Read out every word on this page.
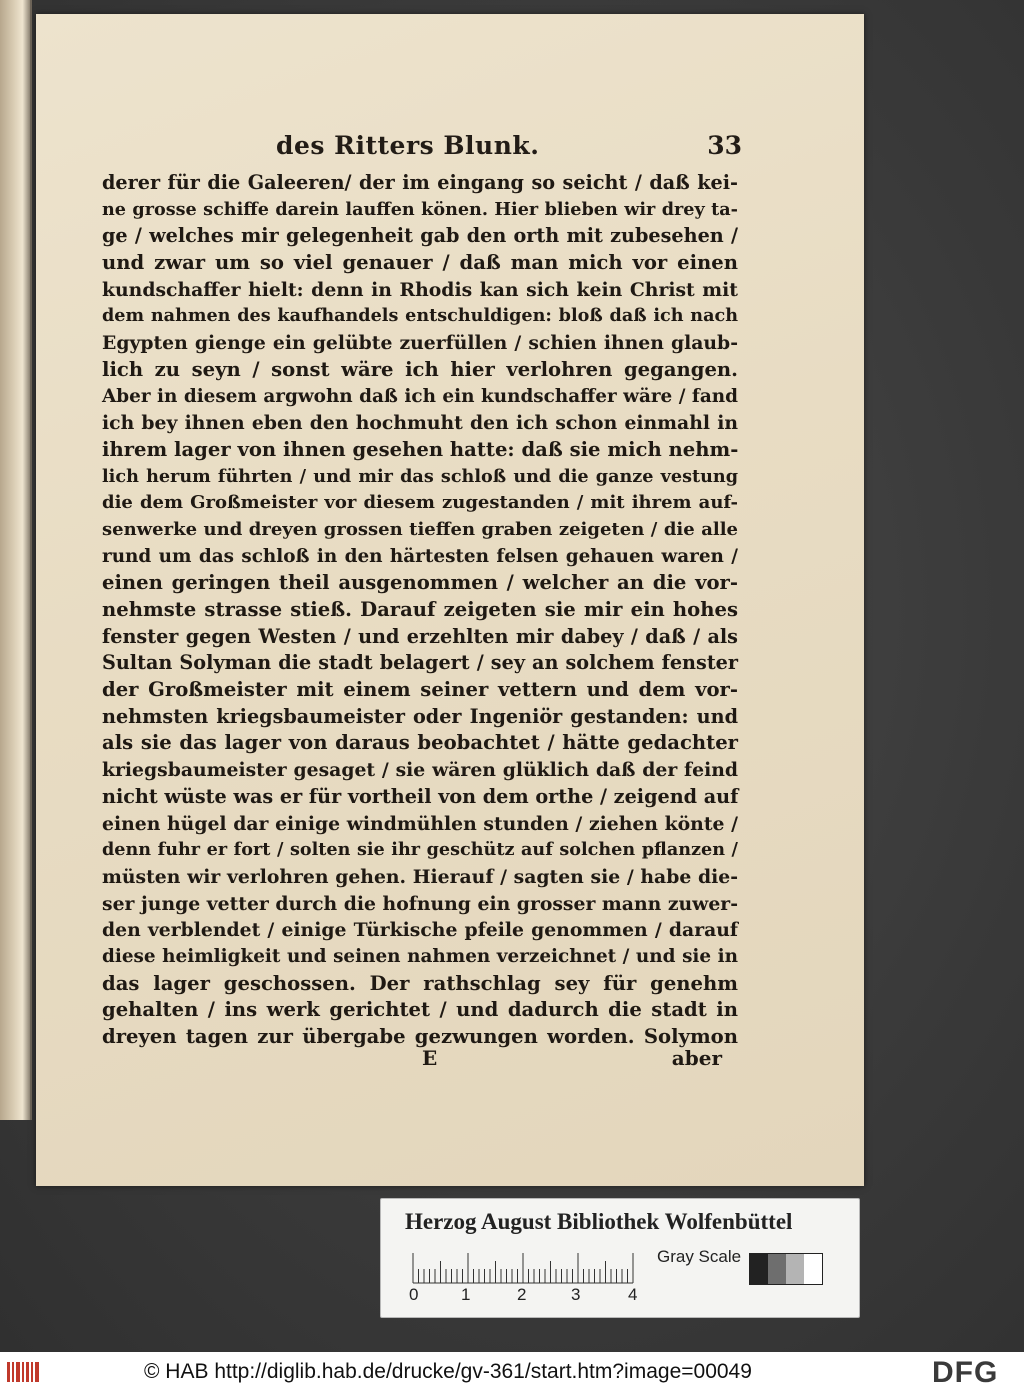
des Ritters Blunk.	33
derer für die Galeeren/ der im eingang so seicht / daß kei-
ne grosse schiffe darein lauffen könen. Hier blieben wir drey ta-
ge / welches mir gelegenheit gab den orth mit zubesehen /
und zwar um so viel genauer / daß man mich vor einen
kundschaffer hielt: denn in Rhodis kan sich kein Christ mit
dem nahmen des kaufhandels entschuldigen: bloß daß ich nach
Egypten gienge ein gelübte zuerfüllen / schien ihnen glaub-
lich zu seyn / sonst wäre ich hier verlohren gegangen.
Aber in diesem argwohn daß ich ein kundschaffer wäre / fand
ich bey ihnen eben den hochmuht den ich schon einmahl in
ihrem lager von ihnen gesehen hatte: daß sie mich nehm-
lich herum führten / und mir das schloß und die ganze vestung
die dem Großmeister vor diesem zugestanden / mit ihrem auf-
senwerke und dreyen grossen tieffen graben zeigeten / die alle
rund um das schloß in den härtesten felsen gehauen waren /
einen geringen theil ausgenommen / welcher an die vor-
nehmste strasse stieß. Darauf zeigeten sie mir ein hohes
fenster gegen Westen / und erzehlten mir dabey / daß / als
Sultan Solyman die stadt belagert / sey an solchem fenster
der Großmeister mit einem seiner vettern und dem vor-
nehmsten kriegsbaumeister oder Ingeniör gestanden: und
als sie das lager von daraus beobachtet / hätte gedachter
kriegsbaumeister gesaget / sie wären glüklich daß der feind
nicht wüste was er für vortheil von dem orthe / zeigend auf
einen hügel dar einige windmühlen stunden / ziehen könte /
denn fuhr er fort / solten sie ihr geschütz auf solchen pflanzen /
müsten wir verlohren gehen. Hierauf / sagten sie / habe die-
ser junge vetter durch die hofnung ein grosser mann zuwer-
den verblendet / einige Türkische pfeile genommen / darauf
diese heimligkeit und seinen nahmen verzeichnet / und sie in
das lager geschossen. Der rathschlag sey für genehm
gehalten / ins werk gerichtet / und dadurch die stadt in
dreyen tagen zur übergabe gezwungen worden. Solymon
E	aber
Herzog August Bibliothek Wolfenbüttel
Gray Scale
0	1	2	3	4
© HAB http://diglib.hab.de/drucke/gv-361/start.htm?image=00049	DFG
